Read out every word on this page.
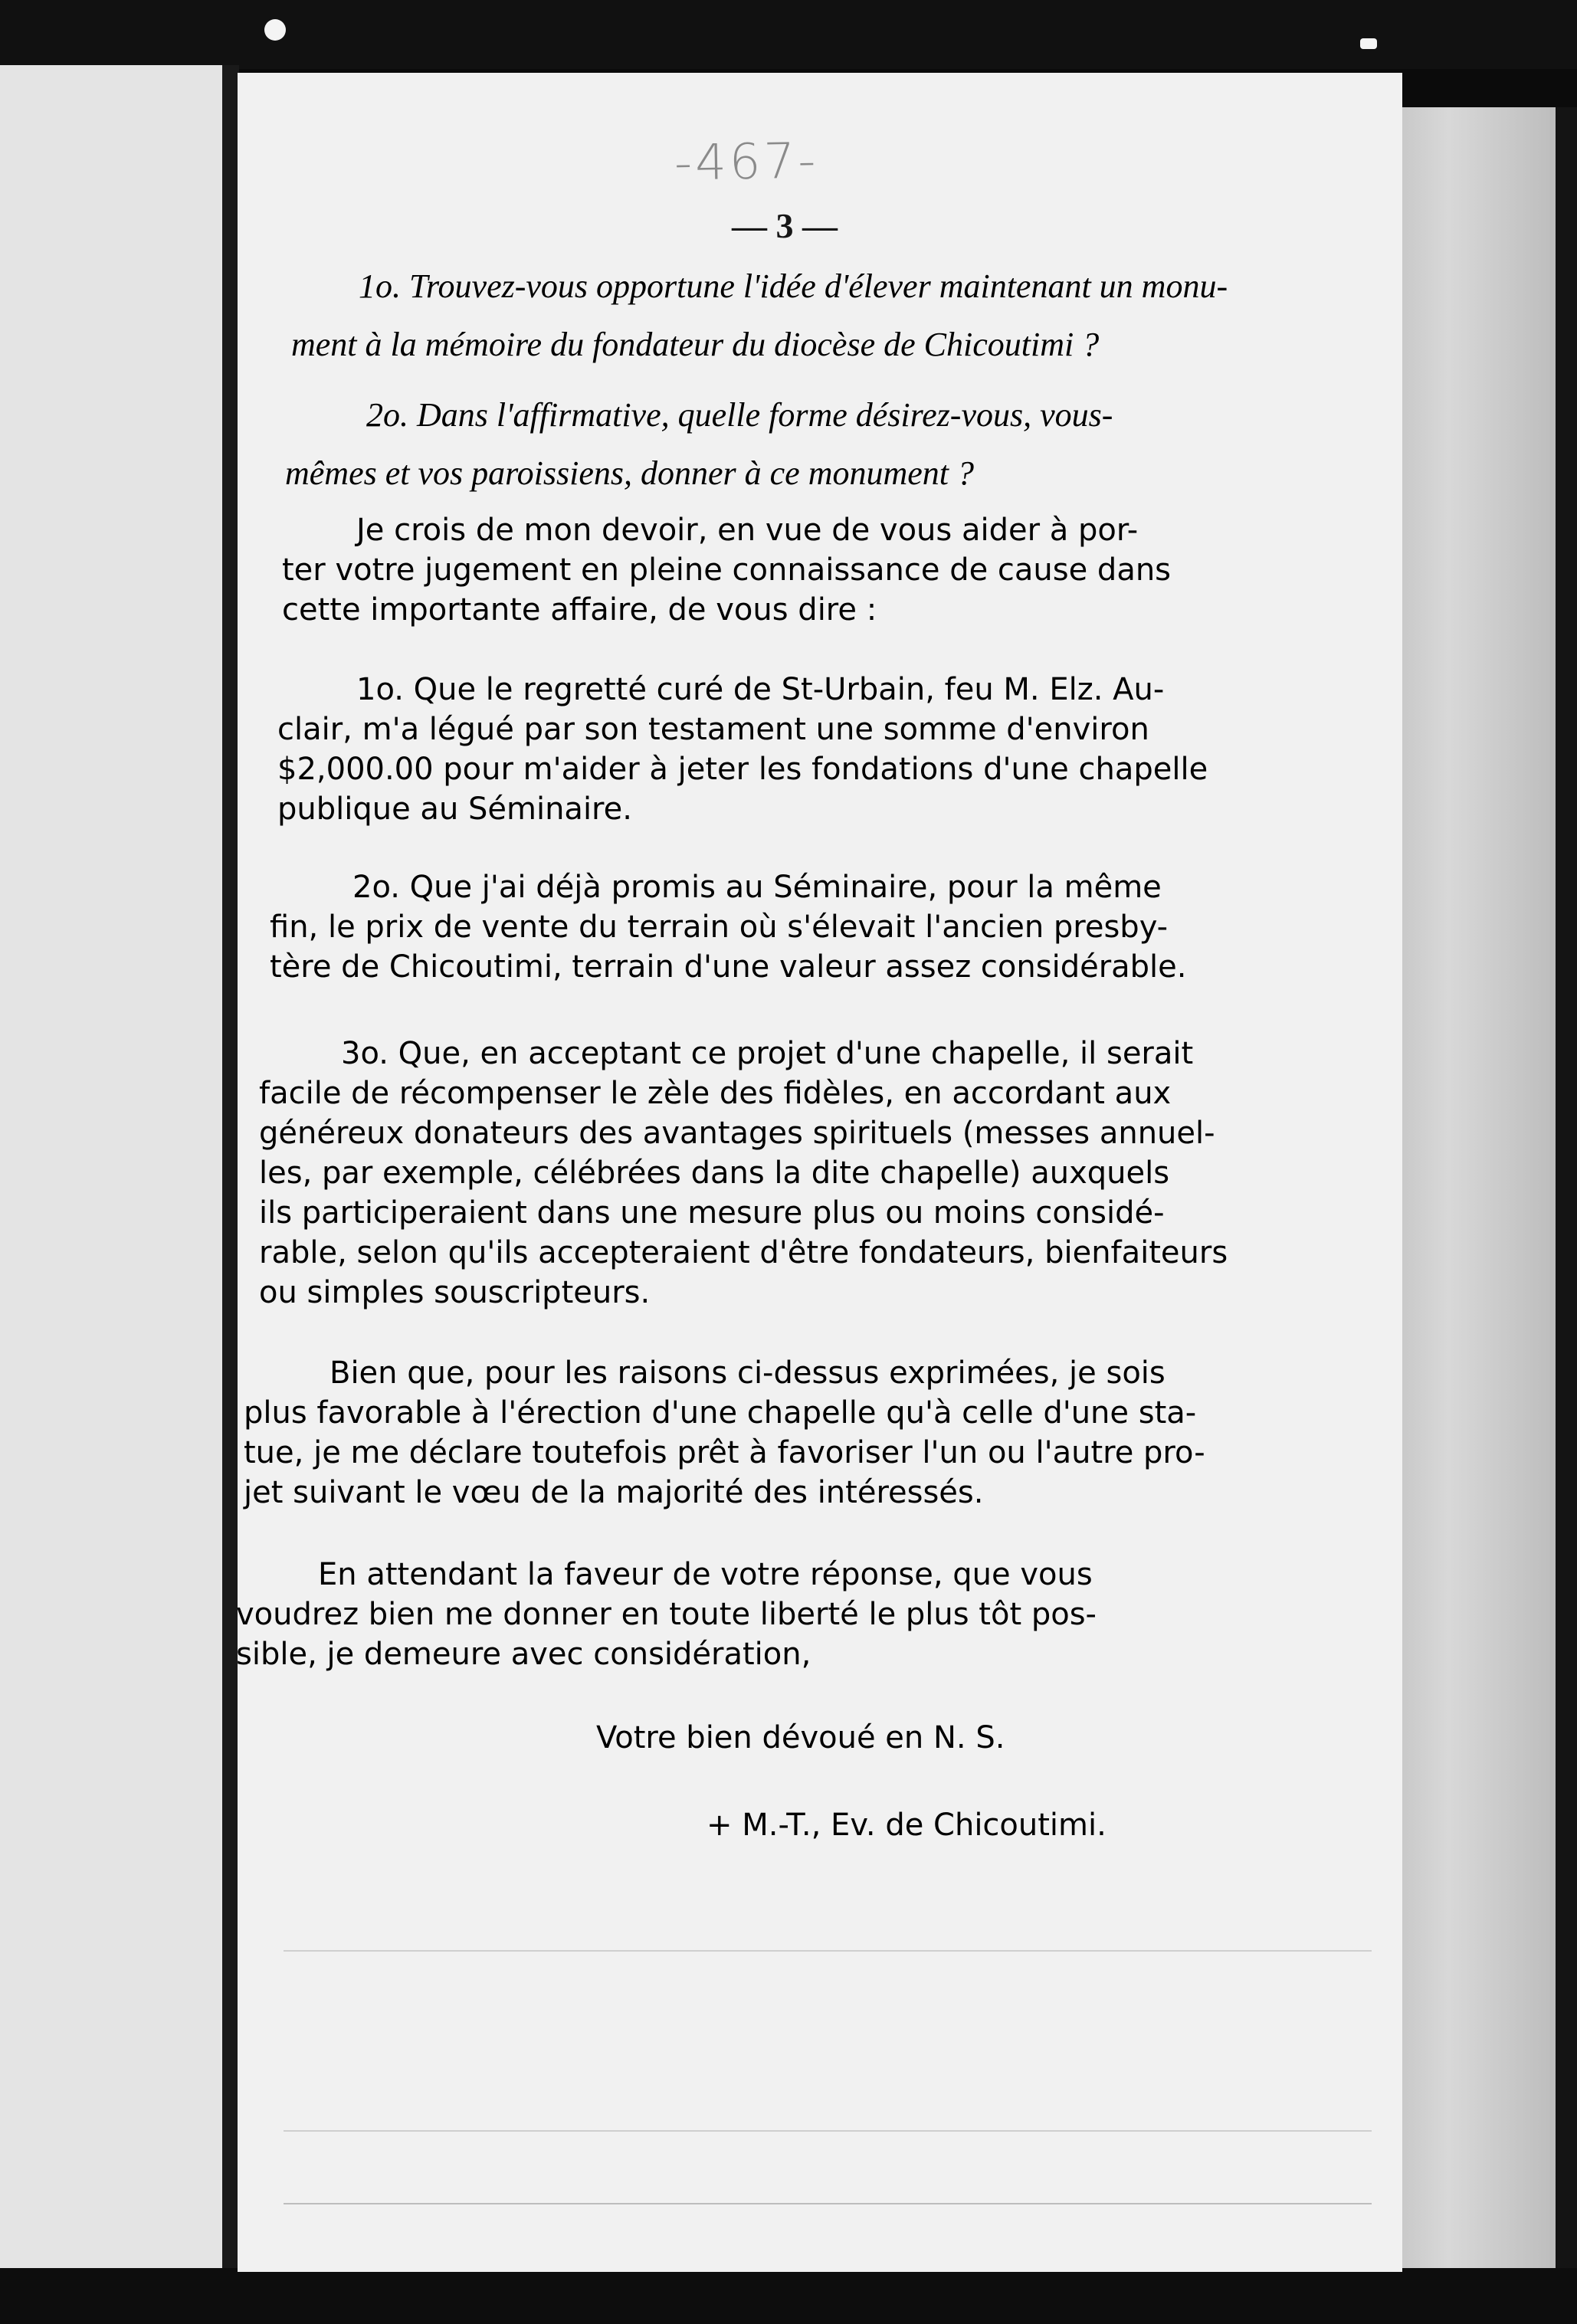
-467-
— 3 —
1o. Trouvez-vous opportune l'idée d'élever maintenant un monu-
ment à la mémoire du fondateur du diocèse de Chicoutimi ?
2o. Dans l'affirmative, quelle forme désirez-vous, vous-
mêmes et vos paroissiens, donner à ce monument ?
Je crois de mon devoir, en vue de vous aider à por-
ter votre jugement en pleine connaissance de cause dans
cette importante affaire, de vous dire :
1o. Que le regretté curé de St-Urbain, feu M. Elz. Au-
clair, m'a légué par son testament une somme d'environ
$2,000.00 pour m'aider à jeter les fondations d'une chapelle
publique au Séminaire.
2o. Que j'ai déjà promis au Séminaire, pour la même
fin, le prix de vente du terrain où s'élevait l'ancien presby-
tère de Chicoutimi, terrain d'une valeur assez considérable.
3o. Que, en acceptant ce projet d'une chapelle, il serait
facile de récompenser le zèle des fidèles, en accordant aux
généreux donateurs des avantages spirituels (messes annuel-
les, par exemple, célébrées dans la dite chapelle) auxquels
ils participeraient dans une mesure plus ou moins considé-
rable, selon qu'ils accepteraient d'être fondateurs, bienfaiteurs
ou simples souscripteurs.
Bien que, pour les raisons ci-dessus exprimées, je sois
plus favorable à l'érection d'une chapelle qu'à celle d'une sta-
tue, je me déclare toutefois prêt à favoriser l'un ou l'autre pro-
jet suivant le vœu de la majorité des intéressés.
En attendant la faveur de votre réponse, que vous
voudrez bien me donner en toute liberté le plus tôt pos-
sible, je demeure avec considération,
Votre bien dévoué en N. S.
+ M.-T., Ev. de Chicoutimi.
